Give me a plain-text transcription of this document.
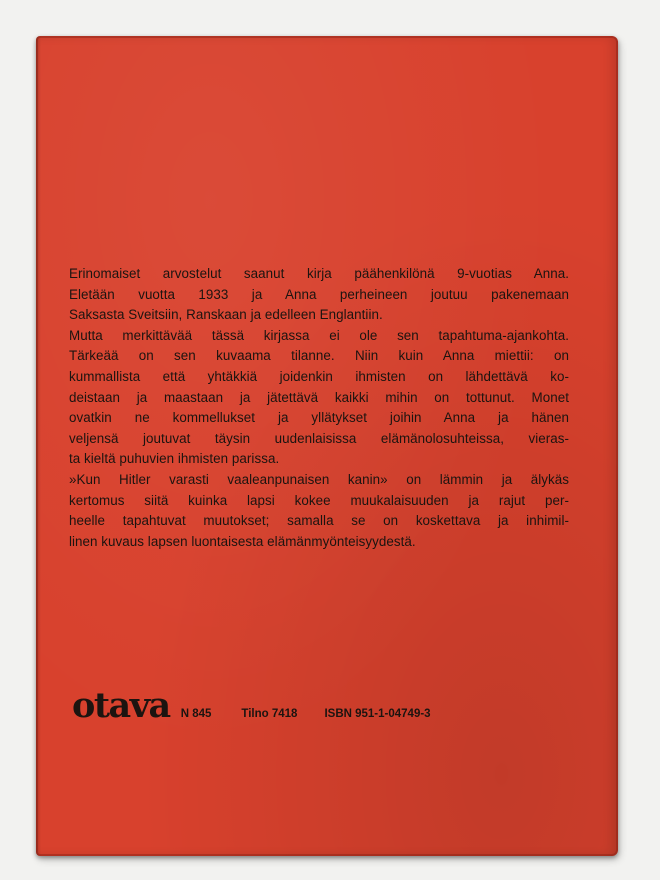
Erinomaiset arvostelut saanut kirja päähenkilönä 9-vuotias Anna.
Eletään vuotta 1933 ja Anna perheineen joutuu pakenemaan
Saksasta Sveitsiin, Ranskaan ja edelleen Englantiin.
Mutta merkittävää tässä kirjassa ei ole sen tapahtuma-ajankohta.
Tärkeää on sen kuvaama tilanne. Niin kuin Anna miettii: on
kummallista että yhtäkkiä joidenkin ihmisten on lähdettävä ko-
deistaan ja maastaan ja jätettävä kaikki mihin on tottunut. Monet
ovatkin ne kommellukset ja yllätykset joihin Anna ja hänen
veljensä joutuvat täysin uudenlaisissa elämänolosuhteissa, vieras-
ta kieltä puhuvien ihmisten parissa.
»Kun Hitler varasti vaaleanpunaisen kanin» on lämmin ja älykäs
kertomus siitä kuinka lapsi kokee muukalaisuuden ja rajut per-
heelle tapahtuvat muutokset; samalla se on koskettava ja inhimil-
linen kuvaus lapsen luontaisesta elämänmyönteisyydestä.
otava N 845	Tilno 7418 ISBN 951-1-04749-3
